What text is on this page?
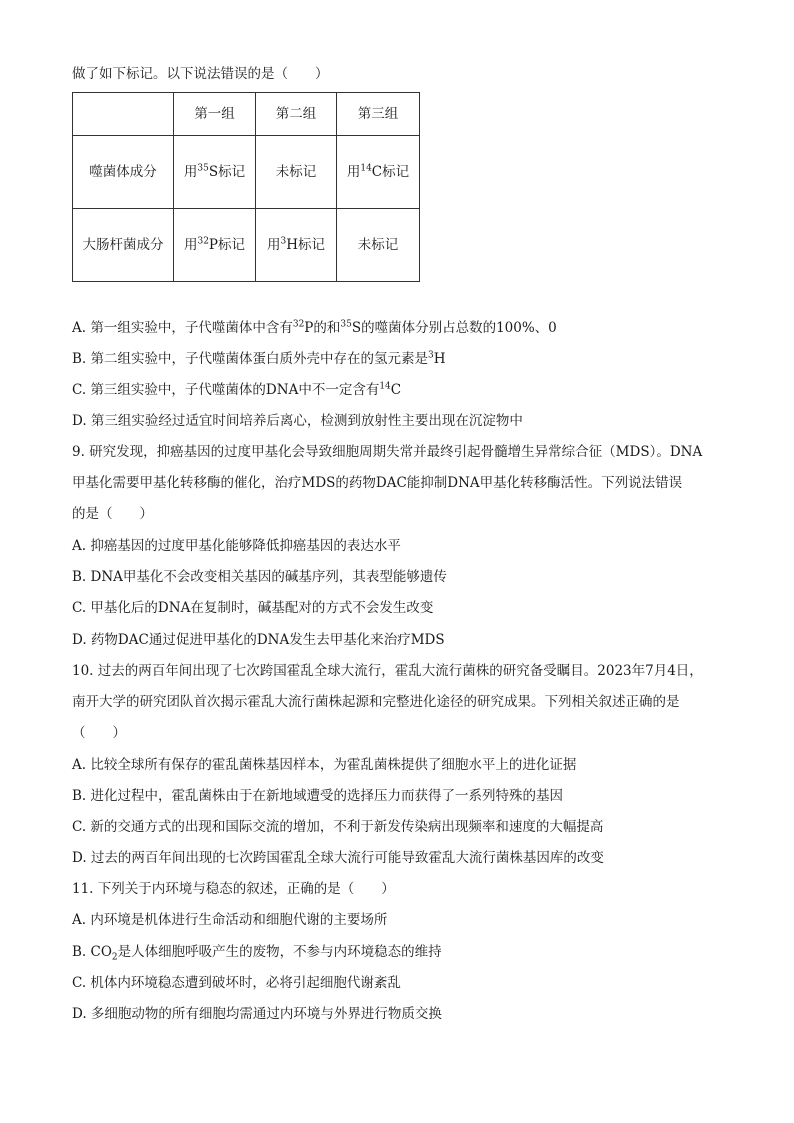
做了如下标记。以下说法错误的是（　　）
	第一组	第二组	第三组
噬菌体成分	用$^{35}$S标记	未标记	用$^{14}$C标记
大肠杆菌成分	用$^{32}$P标记	用$^3$H标记	未标记
A. 第一组实验中，子代噬菌体中含有$^{32}$P的和$^{35}$S的噬菌体分别占总数的100%、0
B. 第二组实验中，子代噬菌体蛋白质外壳中存在的氢元素是$^3$H
C. 第三组实验中，子代噬菌体的DNA中不一定含有$^{14}$C
D. 第三组实验经过适宜时间培养后离心，检测到放射性主要出现在沉淀物中
9. 研究发现，抑癌基因的过度甲基化会导致细胞周期失常并最终引起骨髓增生异常综合征（MDS）。DNA
甲基化需要甲基化转移酶的催化，治疗MDS的药物DAC能抑制DNA甲基化转移酶活性。下列说法错误
的是（　　）
A. 抑癌基因的过度甲基化能够降低抑癌基因的表达水平
B. DNA甲基化不会改变相关基因的碱基序列，其表型能够遗传
C. 甲基化后的DNA在复制时，碱基配对的方式不会发生改变
D. 药物DAC通过促进甲基化的DNA发生去甲基化来治疗MDS
10. 过去的两百年间出现了七次跨国霍乱全球大流行，霍乱大流行菌株的研究备受瞩目。2023年7月4日，
南开大学的研究团队首次揭示霍乱大流行菌株起源和完整进化途径的研究成果。下列相关叙述正确的是
（　　）
A. 比较全球所有保存的霍乱菌株基因样本，为霍乱菌株提供了细胞水平上的进化证据
B. 进化过程中，霍乱菌株由于在新地域遭受的选择压力而获得了一系列特殊的基因
C. 新的交通方式的出现和国际交流的增加，不利于新发传染病出现频率和速度的大幅提高
D. 过去的两百年间出现的七次跨国霍乱全球大流行可能导致霍乱大流行菌株基因库的改变
11. 下列关于内环境与稳态的叙述，正确的是（　　）
A. 内环境是机体进行生命活动和细胞代谢的主要场所
B. $CO_2$是人体细胞呼吸产生的废物，不参与内环境稳态的维持
C. 机体内环境稳态遭到破坏时，必将引起细胞代谢紊乱
D. 多细胞动物的所有细胞均需通过内环境与外界进行物质交换
